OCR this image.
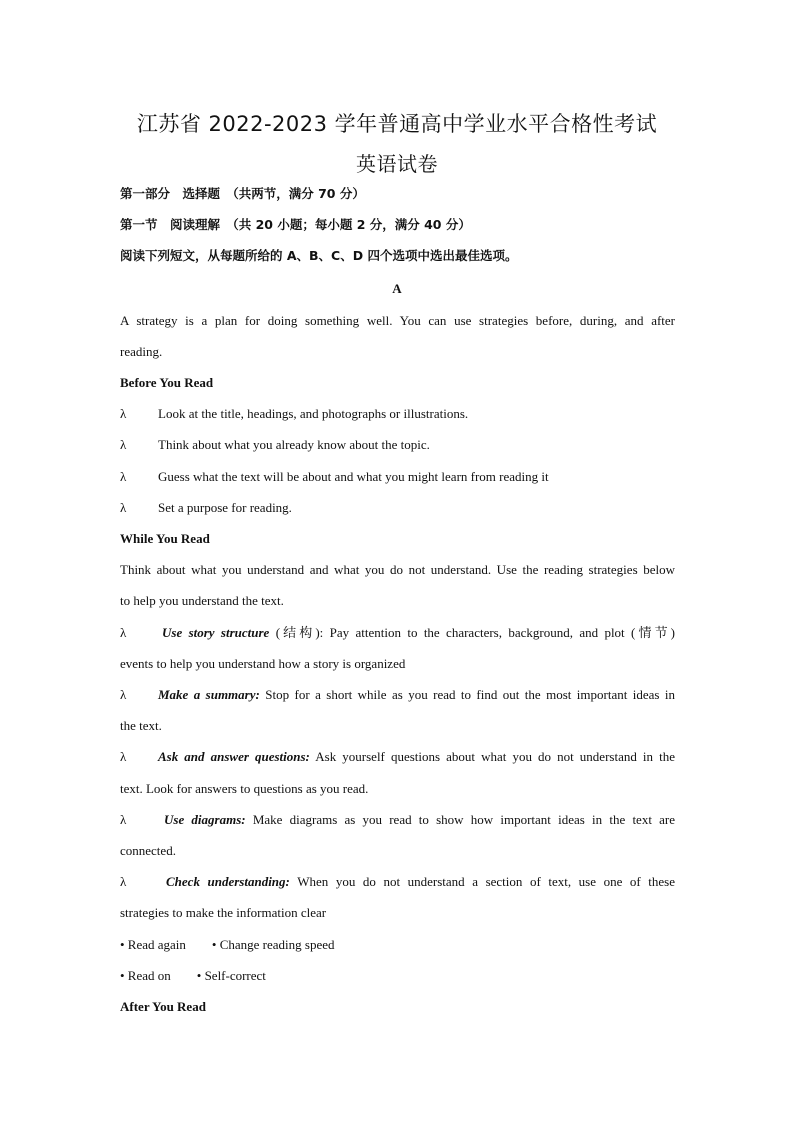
江苏省 2022-2023 学年普通高中学业水平合格性考试
英语试卷
第一部分　选择题　（共两节，满分 70 分）
第一节　阅读理解　（共 20 小题；每小题 2 分，满分 40 分）
阅读下列短文，从每题所给的 A、B、C、D 四个选项中选出最佳选项。
A
A strategy is a plan for doing something well. You can use strategies before, during, and after
reading.
Before You Read
λ Look at the title, headings, and photographs or illustrations.
λ Think about what you already know about the topic.
λ Guess what the text will be about and what you might learn from reading it
λ Set a purpose for reading.
While You Read
Think about what you understand and what you do not understand. Use the reading strategies below
to help you understand the text.
λ	Use story structure (结构): Pay attention to the characters, background, and plot (情节)
events to help you understand how a story is organized
λ Make a summary: Stop for a short while as you read to find out the most important ideas in
the text.
λ Ask and answer questions: Ask yourself questions about what you do not understand in the
text. Look for answers to questions as you read.
λ	Use diagrams: Make diagrams as you read to show how important ideas in the text are
connected.
λ	Check understanding: When you do not understand a section of text, use one of these
strategies to make the information clear
• Read again • Change reading speed
• Read on • Self-correct
After You Read
